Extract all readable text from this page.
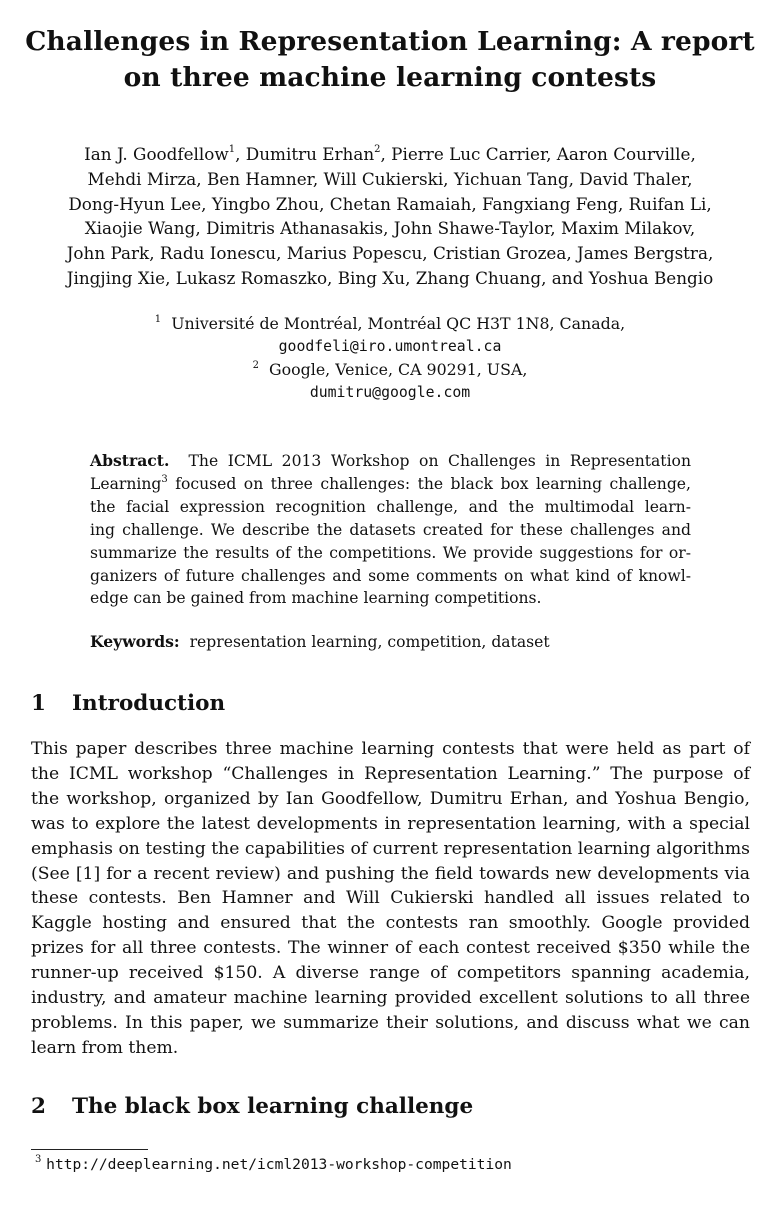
Challenges in Representation Learning: A report
on three machine learning contests
Ian J. Goodfellow$^1$, Dumitru Erhan$^2$, Pierre Luc Carrier, Aaron Courville,
Mehdi Mirza, Ben Hamner, Will Cukierski, Yichuan Tang, David Thaler,
Dong-Hyun Lee, Yingbo Zhou, Chetan Ramaiah, Fangxiang Feng, Ruifan Li,
Xiaojie Wang, Dimitris Athanasakis, John Shawe-Taylor, Maxim Milakov,
John Park, Radu Ionescu, Marius Popescu, Cristian Grozea, James Bergstra,
Jingjing Xie, Lukasz Romaszko, Bing Xu, Zhang Chuang, and Yoshua Bengio
$^1$ Université de Montréal, Montréal QC H3T 1N8, Canada,
goodfeli@iro.umontreal.ca
$^2$ Google, Venice, CA 90291, USA,
dumitru@google.com
Abstract. The ICML 2013 Workshop on Challenges in Representation
Learning$^3$ focused on three challenges: the black box learning challenge,
the facial expression recognition challenge, and the multimodal learn-
ing challenge. We describe the datasets created for these challenges and
summarize the results of the competitions. We provide suggestions for or-
ganizers of future challenges and some comments on what kind of knowl-
edge can be gained from machine learning competitions.
Keywords: representation learning, competition, dataset
1 Introduction
This paper describes three machine learning contests that were held as part of
the ICML workshop “Challenges in Representation Learning.” The purpose of
the workshop, organized by Ian Goodfellow, Dumitru Erhan, and Yoshua Bengio,
was to explore the latest developments in representation learning, with a special
emphasis on testing the capabilities of current representation learning algorithms
(See [1] for a recent review) and pushing the field towards new developments via
these contests. Ben Hamner and Will Cukierski handled all issues related to
Kaggle hosting and ensured that the contests ran smoothly. Google provided
prizes for all three contests. The winner of each contest received $350 while the
runner-up received $150. A diverse range of competitors spanning academia,
industry, and amateur machine learning provided excellent solutions to all three
problems. In this paper, we summarize their solutions, and discuss what we can
learn from them.
2 The black box learning challenge
$^3$ http://deeplearning.net/icml2013-workshop-competition
